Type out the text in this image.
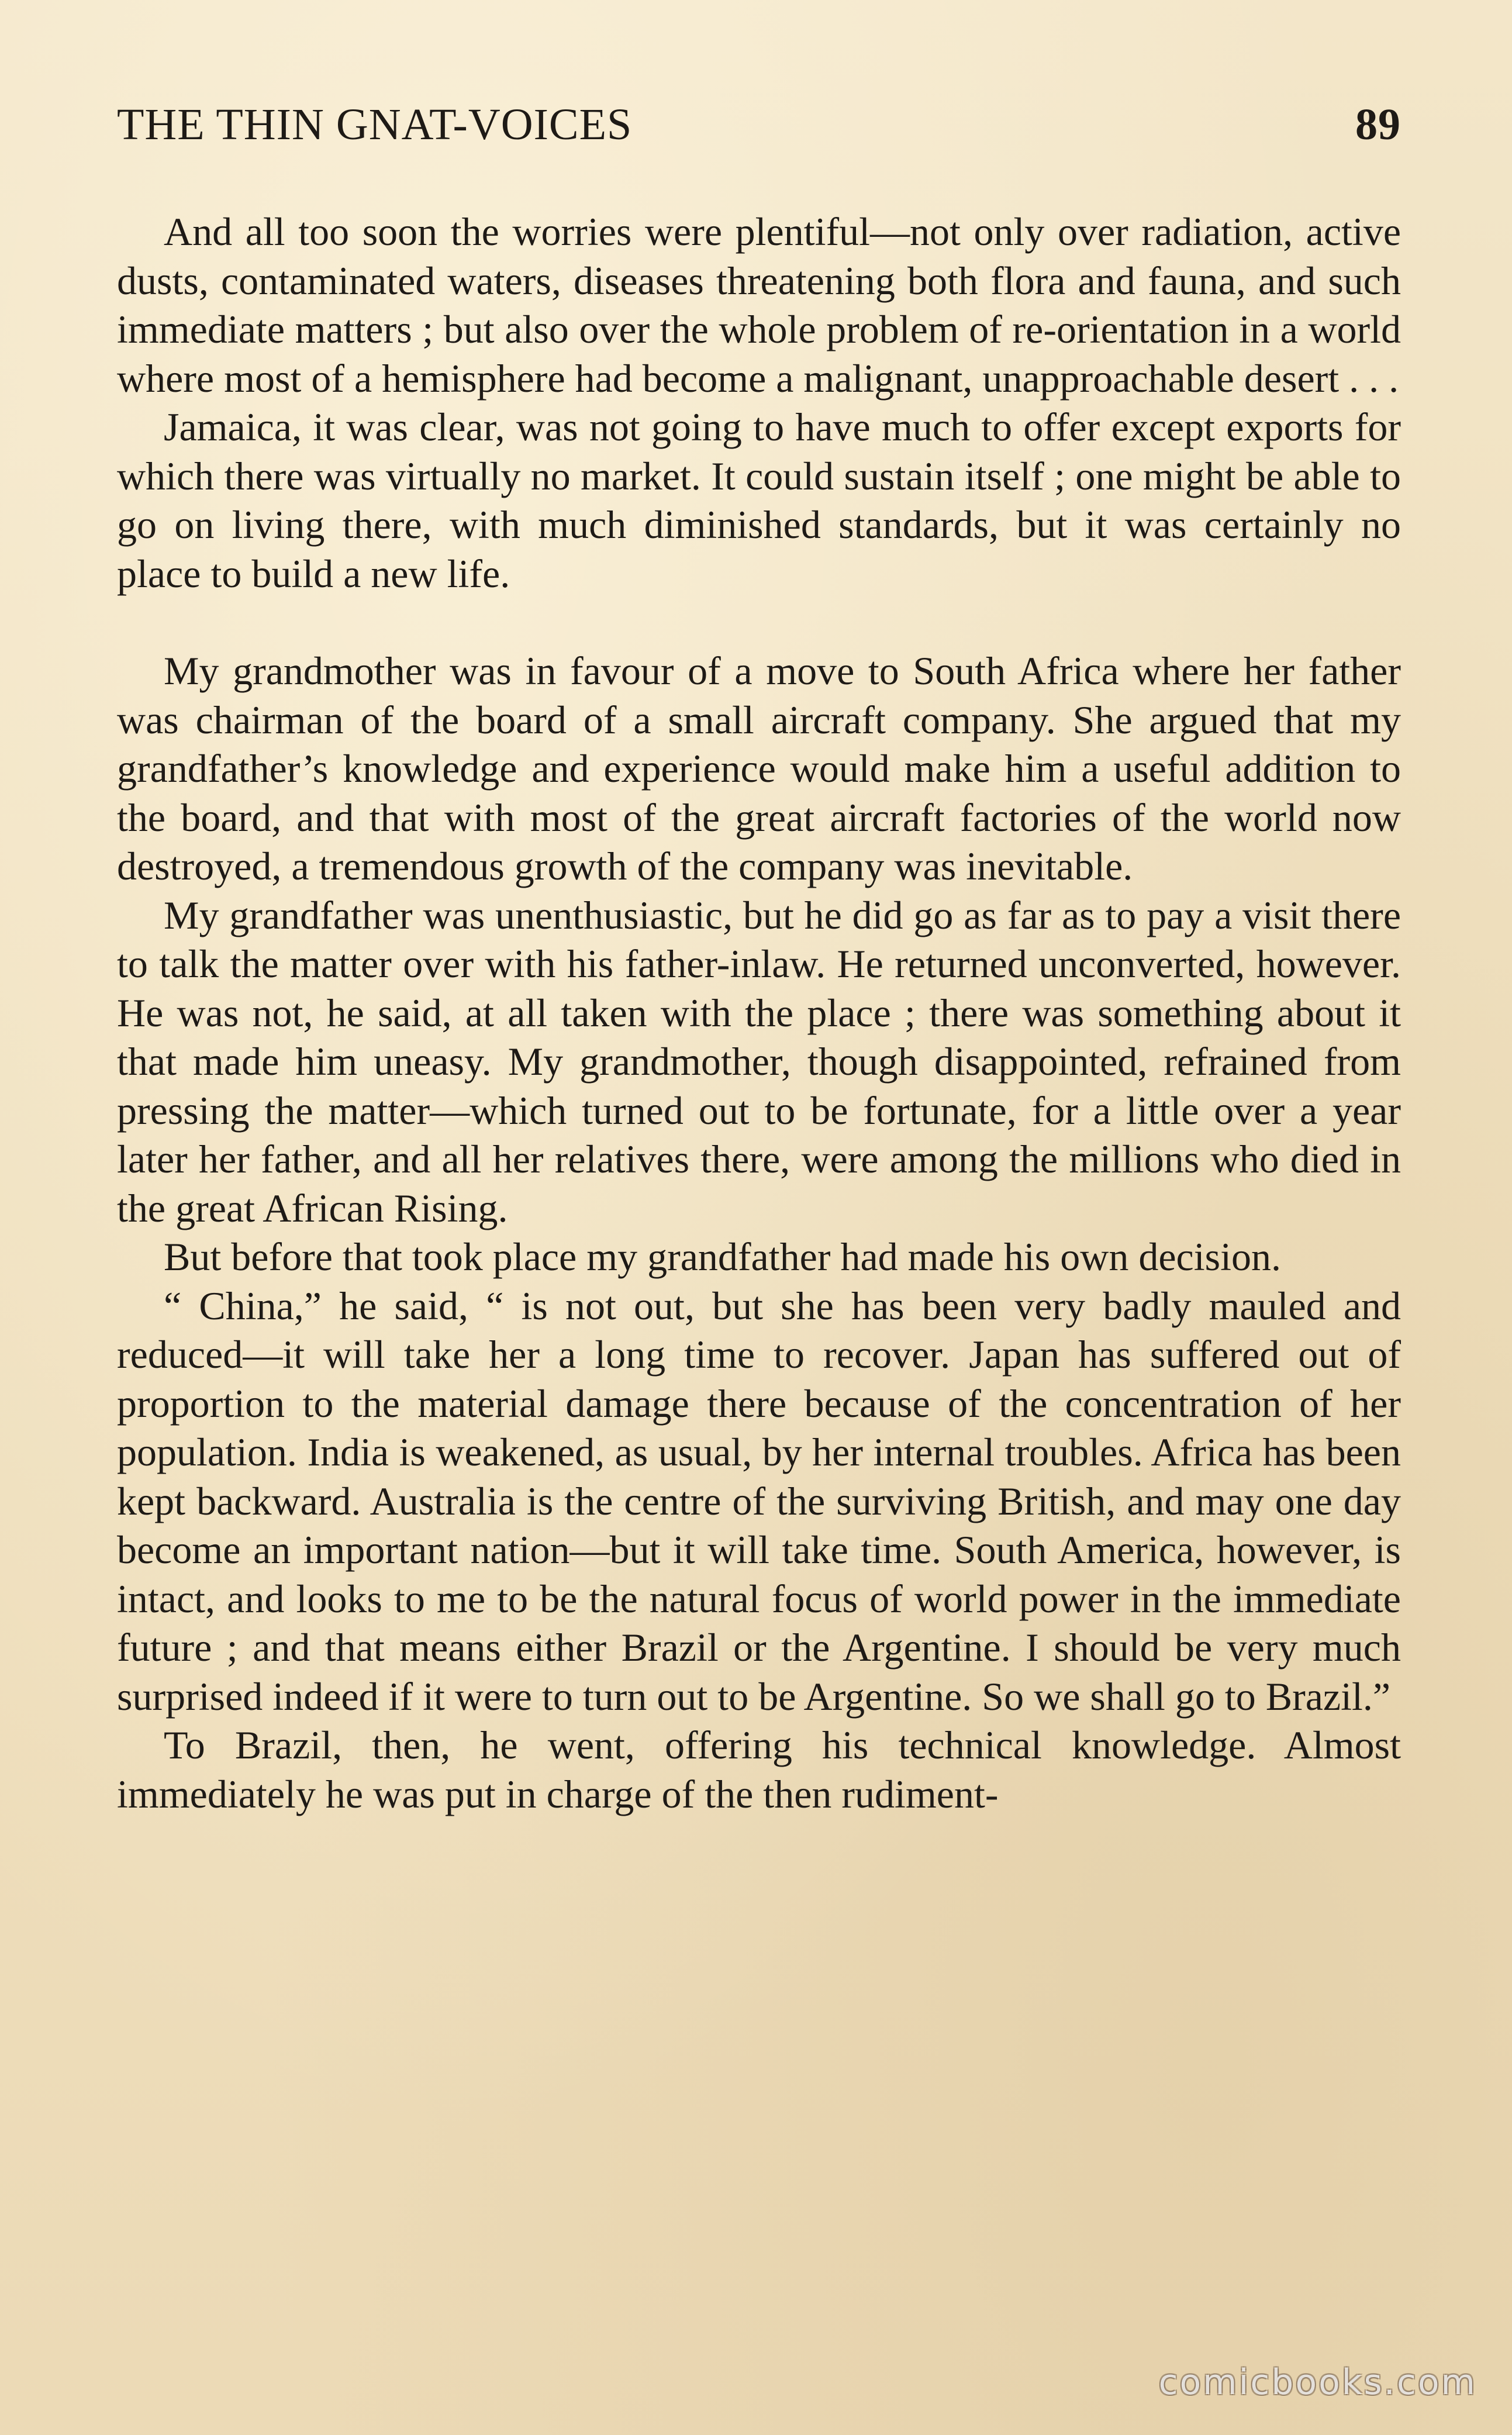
THE THIN GNAT-VOICES	89

And all too soon the worries were plentiful—not only over radiation, active dusts, contaminated waters, diseases threatening both flora and fauna, and such immediate matters ; but also over the whole problem of re-orientation in a world where most of a hemisphere had become a malignant, unapproachable desert . . .

Jamaica, it was clear, was not going to have much to offer except exports for which there was virtually no market. It could sustain itself ; one might be able to go on living there, with much diminished standards, but it was certainly no place to build a new life.

My grandmother was in favour of a move to South Africa where her father was chairman of the board of a small aircraft company. She argued that my grandfather’s knowledge and experience would make him a useful addition to the board, and that with most of the great aircraft factories of the world now destroyed, a tremendous growth of the company was inevitable.

My grandfather was unenthusiastic, but he did go as far as to pay a visit there to talk the matter over with his father-inlaw. He returned unconverted, however. He was not, he said, at all taken with the place ; there was something about it that made him uneasy. My grandmother, though disappointed, refrained from pressing the matter—which turned out to be fortunate, for a little over a year later her father, and all her relatives there, were among the millions who died in the great African Rising.

But before that took place my grandfather had made his own decision.

“ China,” he said, “ is not out, but she has been very badly mauled and reduced—it will take her a long time to recover. Japan has suffered out of proportion to the material damage there because of the concentration of her population. India is weakened, as usual, by her internal troubles. Africa has been kept backward. Australia is the centre of the surviving British, and may one day become an important nation—but it will take time. South America, however, is intact, and looks to me to be the natural focus of world power in the immediate future ; and that means either Brazil or the Argentine. I should be very much surprised indeed if it were to turn out to be Argentine. So we shall go to Brazil.”

To Brazil, then, he went, offering his technical knowledge. Almost immediately he was put in charge of the then rudiment-

comicbooks.com
